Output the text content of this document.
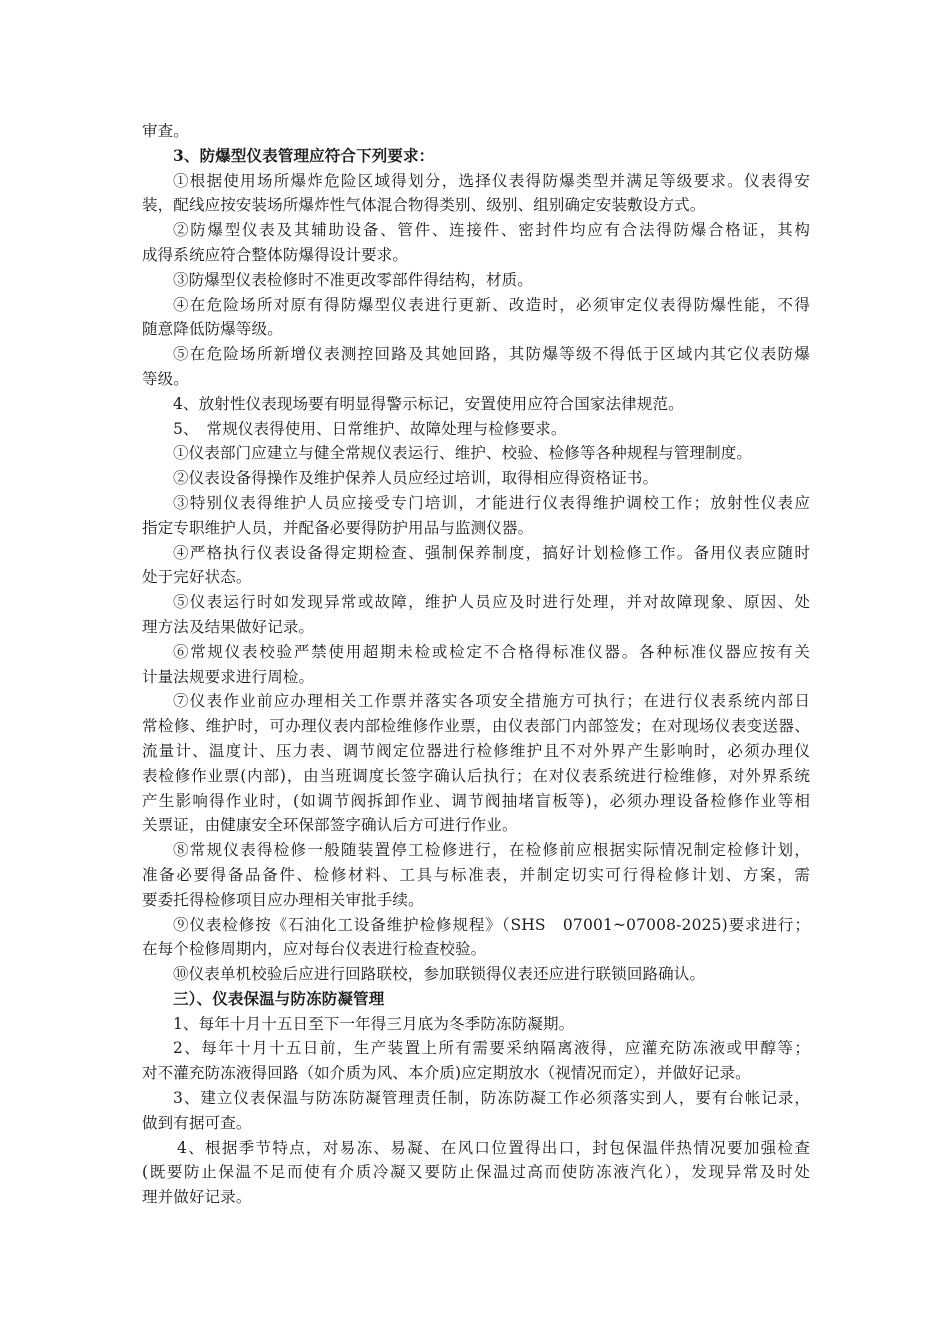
审查。
3、防爆型仪表管理应符合下列要求：
①根据使用场所爆炸危险区域得划分，选择仪表得防爆类型并满足等级要求。仪表得安
装，配线应按安装场所爆炸性气体混合物得类别、级别、组别确定安装敷设方式。
②防爆型仪表及其辅助设备、管件、连接件、密封件均应有合法得防爆合格证，其构
成得系统应符合整体防爆得设计要求。
③防爆型仪表检修时不准更改零部件得结构，材质。
④在危险场所对原有得防爆型仪表进行更新、改造时，必须审定仪表得防爆性能，不得
随意降低防爆等级。
⑤在危险场所新增仪表测控回路及其她回路，其防爆等级不得低于区域内其它仪表防爆
等级。
4、放射性仪表现场要有明显得警示标记，安置使用应符合国家法律规范。
5、　常规仪表得使用、日常维护、故障处理与检修要求。
①仪表部门应建立与健全常规仪表运行、维护、校验、检修等各种规程与管理制度。
②仪表设备得操作及维护保养人员应经过培训，取得相应得资格证书。
③特别仪表得维护人员应接受专门培训，才能进行仪表得维护调校工作；放射性仪表应
指定专职维护人员，并配备必要得防护用品与监测仪器。
④严格执行仪表设备得定期检查、强制保养制度，搞好计划检修工作。备用仪表应随时
处于完好状态。
⑤仪表运行时如发现异常或故障，维护人员应及时进行处理，并对故障现象、原因、处
理方法及结果做好记录。
⑥常规仪表校验严禁使用超期未检或检定不合格得标准仪器。各种标准仪器应按有关
计量法规要求进行周检。
⑦仪表作业前应办理相关工作票并落实各项安全措施方可执行；在进行仪表系统内部日
常检修、维护时，可办理仪表内部检维修作业票，由仪表部门内部签发；在对现场仪表变送器、
流量计、温度计、压力表、调节阀定位器进行检修维护且不对外界产生影响时，必须办理仪
表检修作业票(内部)，由当班调度长签字确认后执行；在对仪表系统进行检维修，对外界系统
产生影响得作业时，(如调节阀拆卸作业、调节阀抽堵盲板等)，必须办理设备检修作业等相
关票证，由健康安全环保部签字确认后方可进行作业。
⑧常规仪表得检修一般随装置停工检修进行，在检修前应根据实际情况制定检修计划，
准备必要得备品备件、检修材料、工具与标准表，并制定切实可行得检修计划、方案，需
要委托得检修项目应办理相关审批手续。
⑨仪表检修按《石油化工设备维护检修规程》（SHS　07001~07008-2025)要求进行；
在每个检修周期内，应对每台仪表进行检查校验。
⑩仪表单机校验后应进行回路联校，参加联锁得仪表还应进行联锁回路确认。
三）、仪表保温与防冻防凝管理
1、每年十月十五日至下一年得三月底为冬季防冻防凝期。
2、每年十月十五日前，生产装置上所有需要采纳隔离液得，应灌充防冻液或甲醇等；
对不灌充防冻液得回路（如介质为风、本介质)应定期放水（视情况而定），并做好记录。
3、建立仪表保温与防冻防凝管理责任制，防冻防凝工作必须落实到人，要有台帐记录，
做到有据可查。
4、根据季节特点，对易冻、易凝、在风口位置得出口，封包保温伴热情况要加强检查
(既要防止保温不足而使有介质冷凝又要防止保温过高而使防冻液汽化），发现异常及时处
理并做好记录。
